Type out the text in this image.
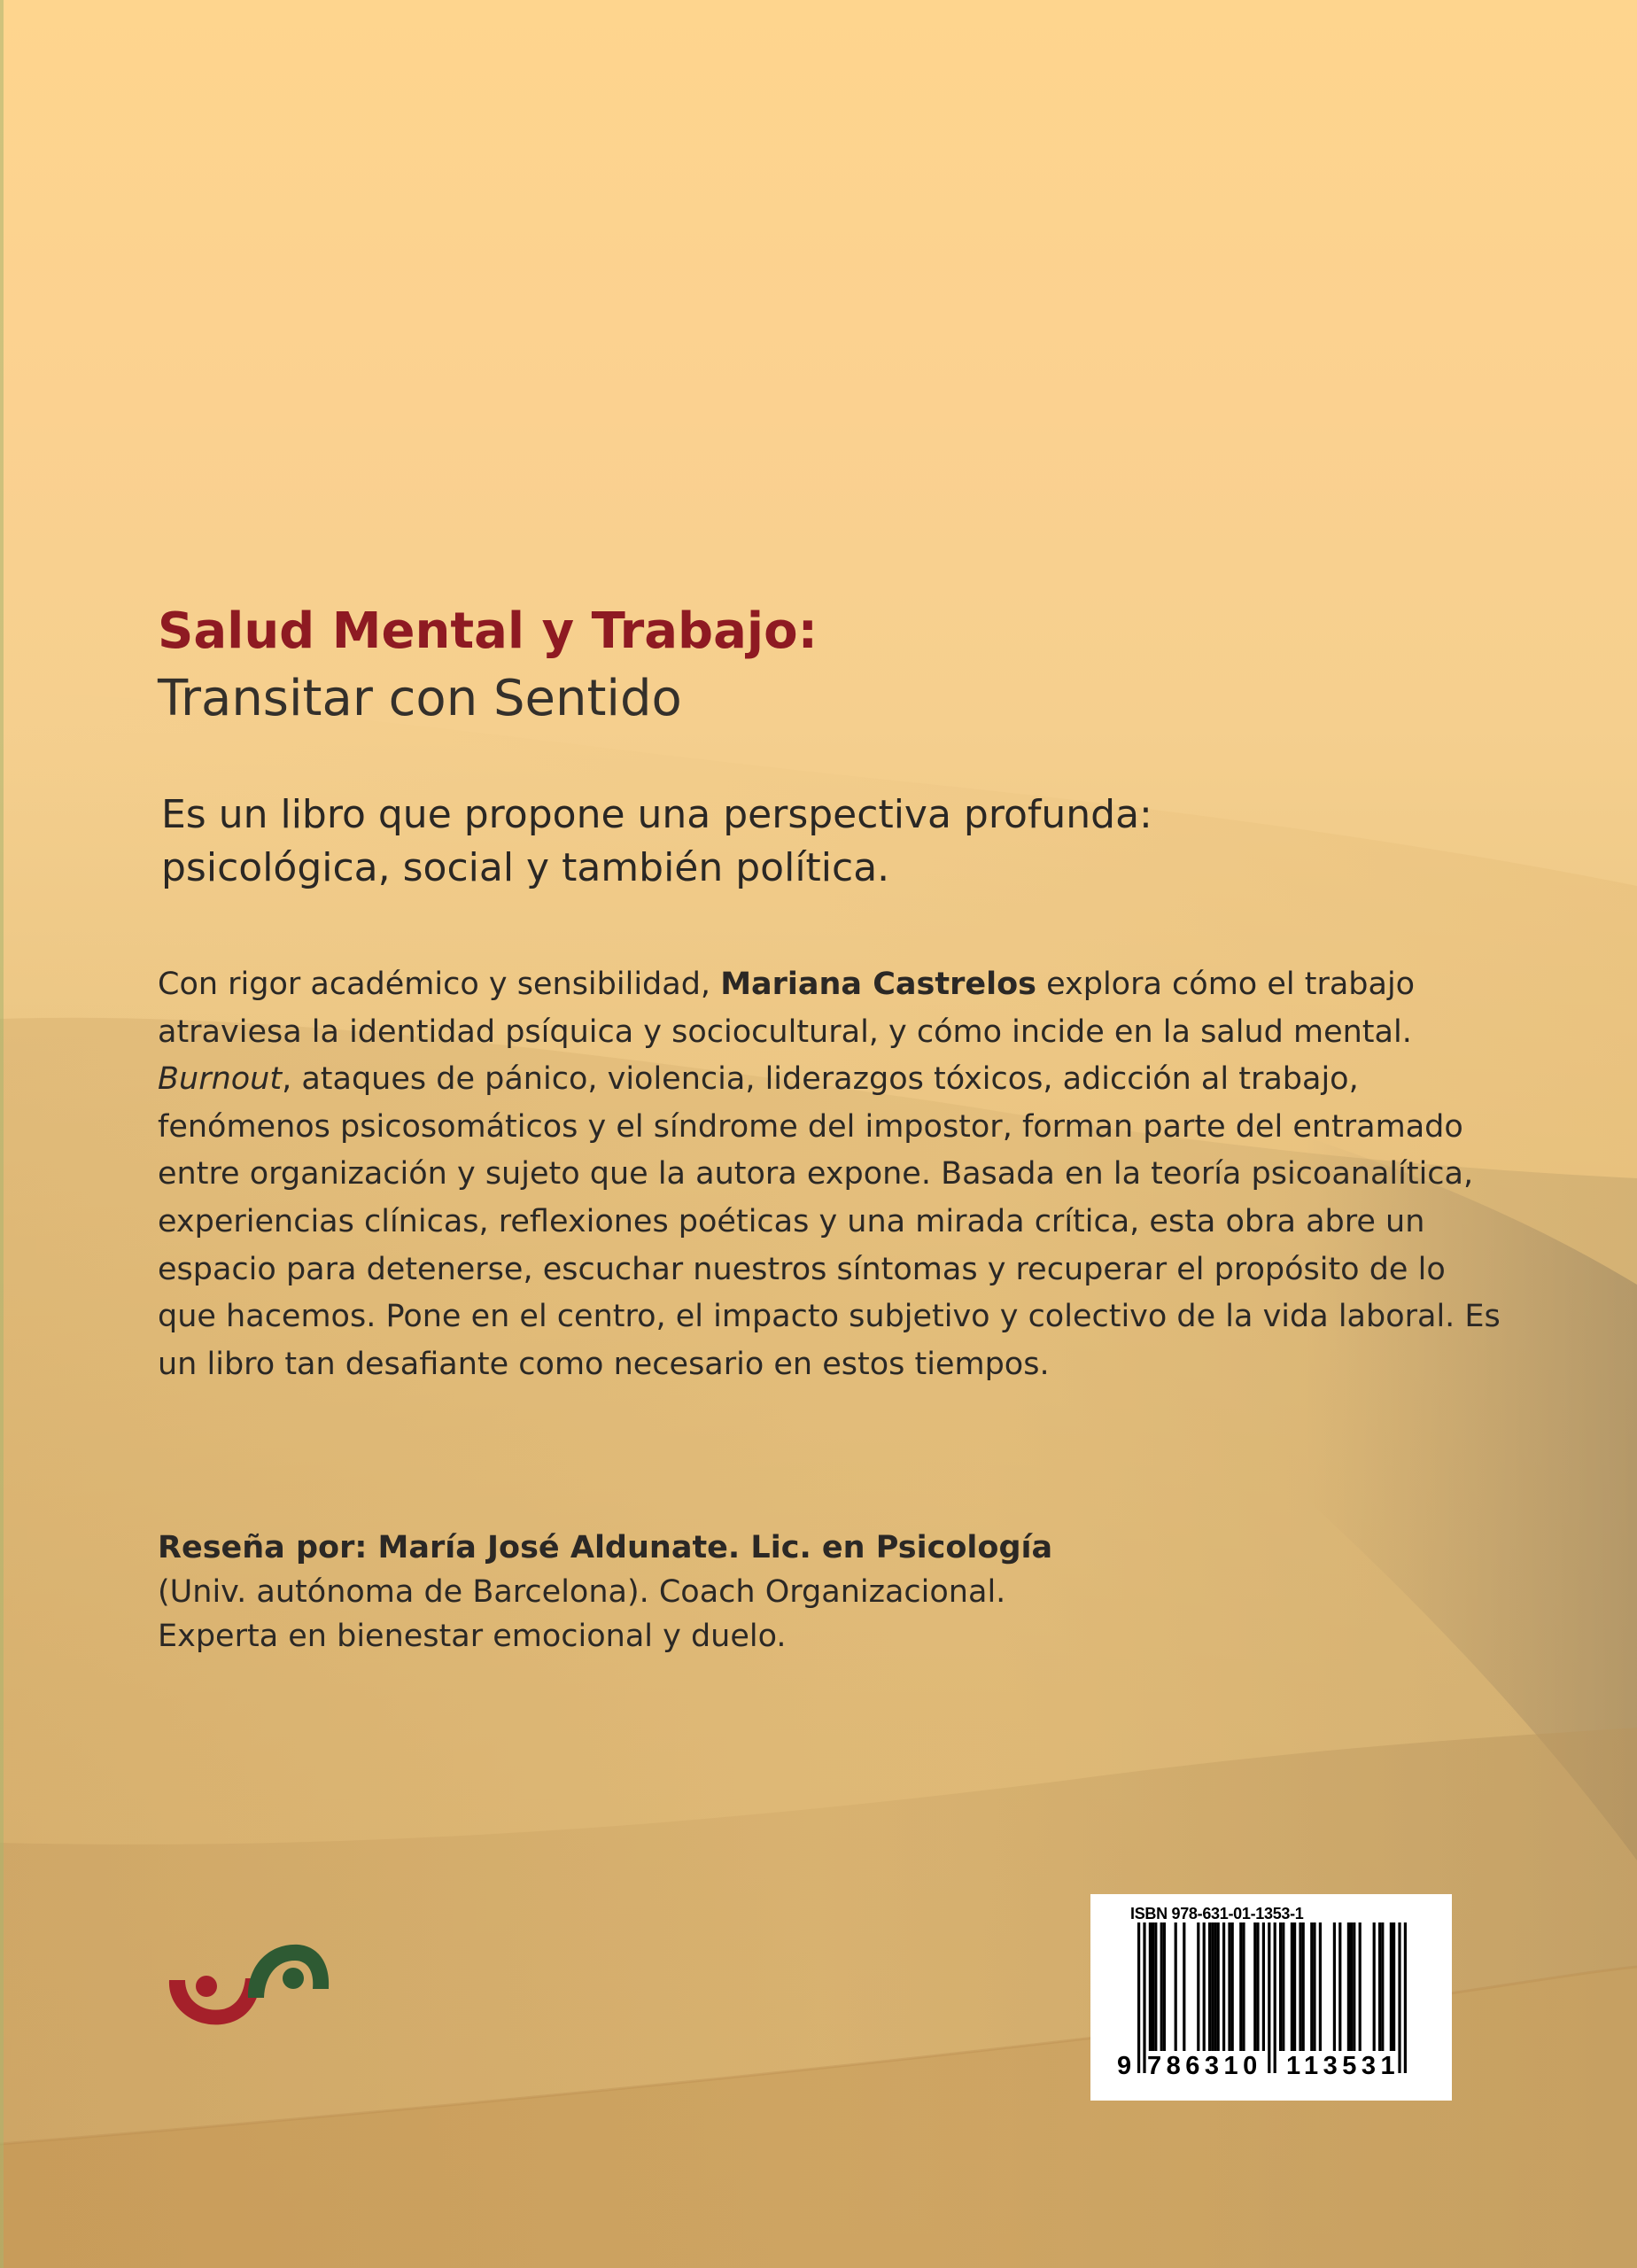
Salud Mental y Trabajo:
Transitar con Sentido
Es un libro que propone una perspectiva profunda:
psicológica, social y también política.
Con rigor académico y sensibilidad, Mariana Castrelos explora cómo el trabajo
atraviesa la identidad psíquica y sociocultural, y cómo incide en la salud mental.
Burnout, ataques de pánico, violencia, liderazgos tóxicos, adicción al trabajo,
fenómenos psicosomáticos y el síndrome del impostor, forman parte del entramado
entre organización y sujeto que la autora expone. Basada en la teoría psicoanalítica,
experiencias clínicas, reflexiones poéticas y una mirada crítica, esta obra abre un
espacio para detenerse, escuchar nuestros síntomas y recuperar el propósito de lo
que hacemos. Pone en el centro, el impacto subjetivo y colectivo de la vida laboral. Es
un libro tan desafiante como necesario en estos tiempos.
Reseña por: María José Aldunate. Lic. en Psicología
(Univ. autónoma de Barcelona). Coach Organizacional.
Experta en bienestar emocional y duelo.
ISBN 978-631-01-1353-1
9 786310 113531
